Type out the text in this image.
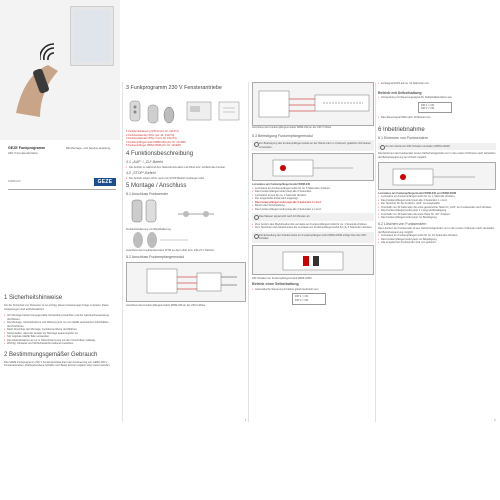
GEZE Funkprogramm
230 V Fensterantriebe
DE Montage- und Service-anleitung
152804-00	GEZE
1 Sicherheitshinweise
Für die Sicherheit von Personen ist es wichtig, diesen Anweisungen Folge zu leisten. Diese Anweisungen sind aufzubewahren!
• Vor Montage bestimmungsgemäße Verwendung beachten und die Gebrauchsanweisung durchlesen.
• Die Montage, Inbetriebnahme und Wartung sind nur von GEZE autorisierten Fachkräften durchzuführen.
• Nach Abschluss der Montage, Funktionsprüfung durchführen.
• Sicherstellen, dass der Antrieb vor Montage spannungsfrei ist.
• Nur originale GEZE-Teile verwenden.
• Die Inbetriebnahme ist nur in Übereinstimmung mit den Vorschriften zulässig.
• Wichtig: Hinweise und Sicherheitsinformationen beachten.
2 Bestimmungsgemäßer Gebrauch
Das GEZE Funkprogramm 230 V Fensterantriebe dient der Ansteuerung von GEZE 230 V Fensterantrieben. Drahtgebundene Schalter und Taster können ergänzt oder ersetzt werden.
3 Funkprogramm 230 V Fensterantriebe
1 Funkfernbedienung WTFH (Art.-Nr. 131272)
2 Funkhandsender WTH (Art.-Nr. 131270)
3 Funkhandsender WTH-4 (Art.-Nr. 131273)
4 Funkempfängermodul WRM-230 (Art.-Nr. 131280)
5 Funkempfänger WRM-230M (Art.-Nr. 131290)
4 Funktionsbeschreibung
4.1 „AUF“ / „ZU“-Befehl
• Der Antrieb ist während des Tastendrucks aktiv und öffnet bzw. schließt das Fenster.
4.2 „STOP“-Befehl
• Der Antrieb stoppt sofort, wenn ein STOP-Befehl empfangen wird.
5 Montage / Anschluss
5.1 Anschluss Funksender
Funkfernbedienung mit Wandhalterung
Anschluss des Funkhandsenders WTM an den Lüfter bzw. 230-24 V Netzteil
5.2 Anschluss Funkempfangermodul
Anschluss des Funkempfängermoduls WRM-230 an der 230-V-Motor
Anschluss des Funkempfängermoduls WRM-230 an der 230 V Motor
5.3 Befestigung Funkempfangermodul
Zur Befestigung des Funkempfängermoduls an der Wand oder im Unterputz gelieferte Schrauben verwenden.
Lernstatus am Funkempfängermodul WRM-230
• Lernstatus am Funkempfängermodul für ca. 5 Sekunden drücken.
• Das Funkempfängermodul piept alle 2 Sekunden.
• Lernstatus erneut für ca. 1 Sekunde drücken.
• Der eingestellte Kanal wird angezeigt.
• Das Funkempfängermodul piept alle 3 Sekunden 3 x kurz.
• Bereit oder Sicherstellung.
• Das Funkempfängermodul piept alle 2 Sekunden 2 x kurz.
Das Wasser signal wird nach 10 Minuten ab.
• Zum Ändern des Modulmodus die Lerntaste am Funkempfängermodul für ca. 1 Sekunde drücken.
• Zum Speichern des Modulmodus die Lerntaste am Funkempfängermodul für ca. 5 Sekunden drücken.
Die Einstellung der Arbeitsmodus am Funkempfängermodul WRM-230M erfolgt über den DIP-Schalter.
DIP-Schalter am Funkempfängermodul WRM-230M
Betrieb ohne Selbsthaltung
• Automatische Steuerung Funktion gleich Gedrückt sein
DIP 1 = ON
DIP 2 = ON
• Funksignal DIP1 auf ca. 10 Sekunden ein.
Betrieb mit Selbsthaltung
• Verwendung mit Steuerungssignal für Selbsthaltefunktion aus.
DIP 1 = ON
DIP 2 = ON
• Das Steuersignal WRI nach 10 Minuten ein.
6 Inbetriebnahme
6.1 Einlernen von Funksendern
Vor dem Einlernen DIP-Schalter einstellen (WRM-230M).
Das Einlernen der Funksender ist aus Sicherheitsgründen nur in den ersten 3 Minuten nach Herstellen der Betriebsspannung am Antrieb möglich.
Lernstatus am Funkempfängermodul WRM-230 und WRM-230M
• Lernstatus am Funkempfängermodul für ca. 1 Sekunde drücken.
• Das Funkempfängermodul piept alle 4 Sekunden 1 x kurz.
• Der Speicher für die Funktion „AUF“ ist ausgewählt.
• Innerhalb von 30 Sekunden die erste gewünschte Taste für „AUF“ am Funksender nach drücken.
• Das Funkempfängermodul piept 1 x lang als Bestätigung.
• Innerhalb von 30 Sekunden die erste Taste für „ZU“ drücken.
• Das Funkempfängermodul piept zur Bestätigung.
6.2 Löschen von Funksendern
Das Löschen der Funksender ist aus Sicherheitsgründen nur in den ersten 3 Minuten nach Herstellen der Betriebsspannung möglich.
• Lernstatus am Funkempfängermodul für ca. 10 Sekunden drücken.
• Das Funkempfängermodul piept zur Bestätigung.
• Alle eingelernten Funksender sind nun gelöscht.
1	2
